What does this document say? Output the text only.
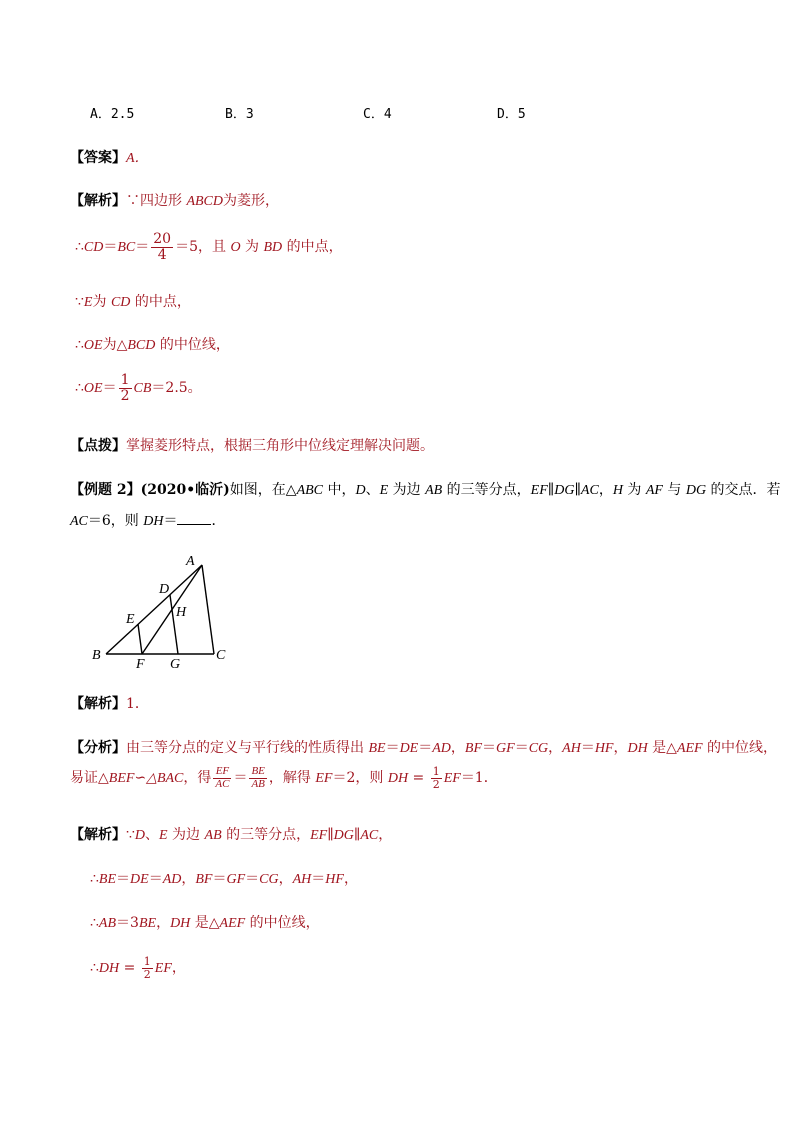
A．2.5	B．3	C．4	D．5
【答案】A．
【解析】∵四边形 ABCD为菱形，
∴CD＝BC＝ $\frac{20}{4} =5$，且 O 为 BD 的中点，
∵E为 CD 的中点，
∴OE为△BCD 的中位线，
∴OE＝ $\frac{1}{2} CB=2.5$。
【点拨】掌握菱形特点，根据三角形中位线定理解决问题。
【例题 2】(2020•临沂)如图，在△ABC 中，D、E 为边 AB 的三等分点，EF∥DG∥AC，H 为 AF 与 DG 的交点．若
AC＝6，则 DH＝ ．
A
D
H
E
B
F G
C
【解析】1．
【分析】由三等分点的定义与平行线的性质得出 BE＝DE＝AD，BF＝GF＝CG，AH＝HF，DH 是△AEF 的中位线，
易证△BEF∽△BAC，得 $\frac{EF}{AC} = \frac{BE}{AB}$ ，解得 EF＝2，则 DH = $\frac{1}{2} EF=1$．
【解析】∵D、E 为边 AB 的三等分点，EF∥DG∥AC，
∴BE＝DE＝AD，BF＝GF＝CG，AH＝HF，
∴AB＝3BE，DH 是△AEF 的中位线，
∴DH = $\frac{1}{2}$ EF，
